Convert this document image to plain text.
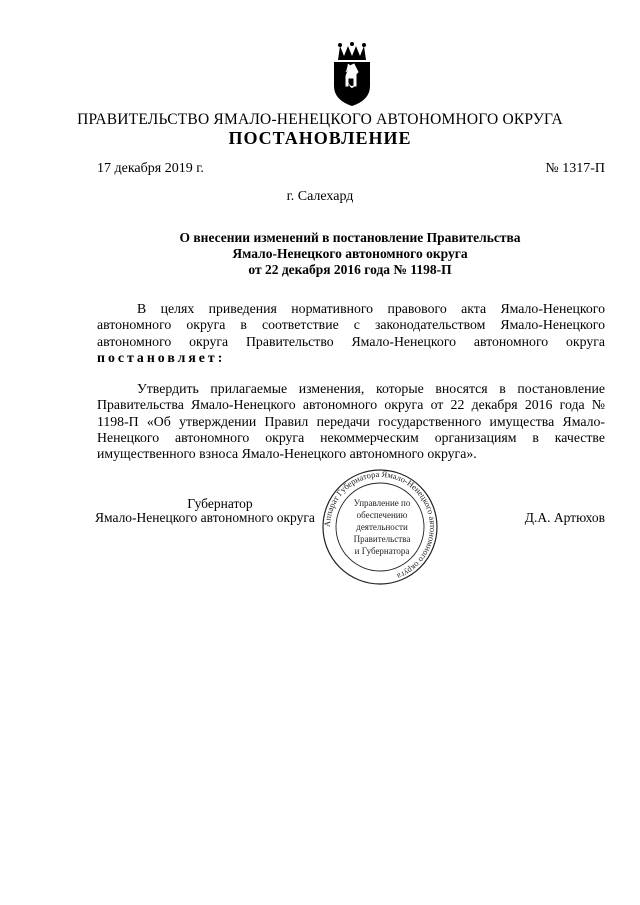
ПРАВИТЕЛЬСТВО ЯМАЛО-НЕНЕЦКОГО АВТОНОМНОГО ОКРУГА
ПОСТАНОВЛЕНИЕ
17 декабря 2019 г.	№ 1317-П
г. Салехард
О внесении изменений в постановление Правительства
Ямало-Ненецкого автономного округа
от 22 декабря 2016 года № 1198-П
В целях приведения нормативного правового акта Ямало-Ненецкого автономного округа в соответствие с законодательством Ямало-Ненецкого автономного округа Правительство Ямало-Ненецкого автономного округа постановляет:
Утвердить прилагаемые изменения, которые вносятся в постановление Правительства Ямало-Ненецкого автономного округа от 22 декабря 2016 года № 1198-П «Об утверждении Правил передачи государственного имущества Ямало-Ненецкого автономного округа некоммерческим организациям в качестве имущественного взноса Ямало-Ненецкого автономного округа».
Губернатор
Ямало-Ненецкого автономного округа	Д.А. Артюхов
Аппарат Губернатора Ямало-Ненецкого автономного округа
Управление по
обеспечению
деятельности
Правительства
и Губернатора
